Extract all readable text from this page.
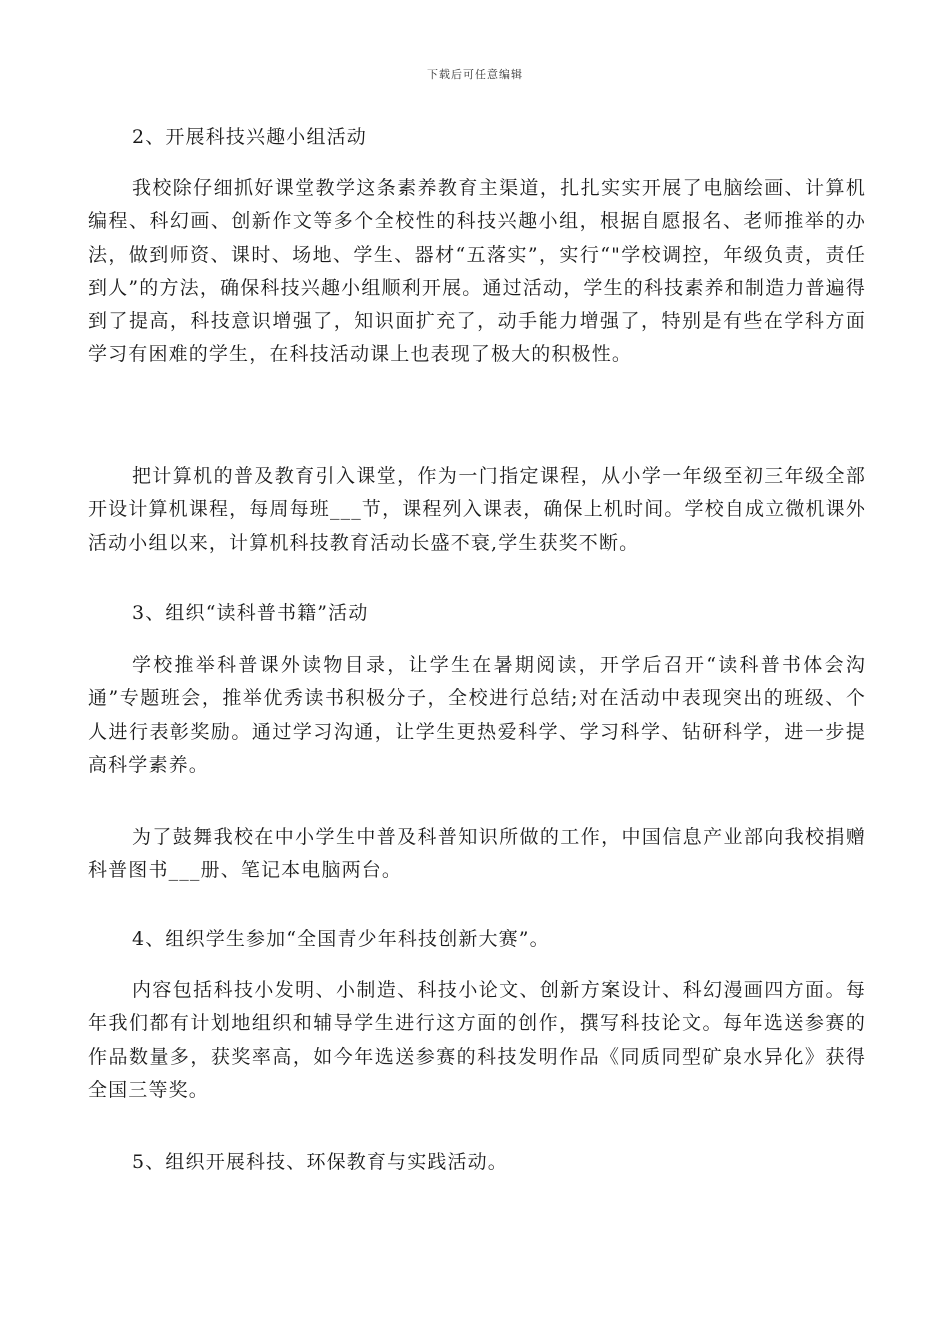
下载后可任意编辑

2、开展科技兴趣小组活动

我校除仔细抓好课堂教学这条素养教育主渠道，扎扎实实开展了电脑绘画、计算机编程、科幻画、创新作文等多个全校性的科技兴趣小组，根据自愿报名、老师推举的办法，做到师资、课时、场地、学生、器材“五落实”，实行“"学校调控，年级负责，责任到人”的方法，确保科技兴趣小组顺利开展。通过活动，学生的科技素养和制造力普遍得到了提高，科技意识增强了，知识面扩充了，动手能力增强了，特别是有些在学科方面学习有困难的学生，在科技活动课上也表现了极大的积极性。

把计算机的普及教育引入课堂，作为一门指定课程，从小学一年级至初三年级全部开设计算机课程，每周每班___节，课程列入课表，确保上机时间。学校自成立微机课外活动小组以来，计算机科技教育活动长盛不衰,学生获奖不断。

3、组织“读科普书籍”活动

学校推举科普课外读物目录，让学生在暑期阅读，开学后召开“读科普书体会沟通”专题班会，推举优秀读书积极分子，全校进行总结;对在活动中表现突出的班级、个人进行表彰奖励。通过学习沟通，让学生更热爱科学、学习科学、钻研科学，进一步提高科学素养。

为了鼓舞我校在中小学生中普及科普知识所做的工作，中国信息产业部向我校捐赠科普图书___册、笔记本电脑两台。

4、组织学生参加“全国青少年科技创新大赛”。

内容包括科技小发明、小制造、科技小论文、创新方案设计、科幻漫画四方面。每年我们都有计划地组织和辅导学生进行这方面的创作，撰写科技论文。每年选送参赛的作品数量多，获奖率高，如今年选送参赛的科技发明作品《同质同型矿泉水异化》获得全国三等奖。

5、组织开展科技、环保教育与实践活动。
